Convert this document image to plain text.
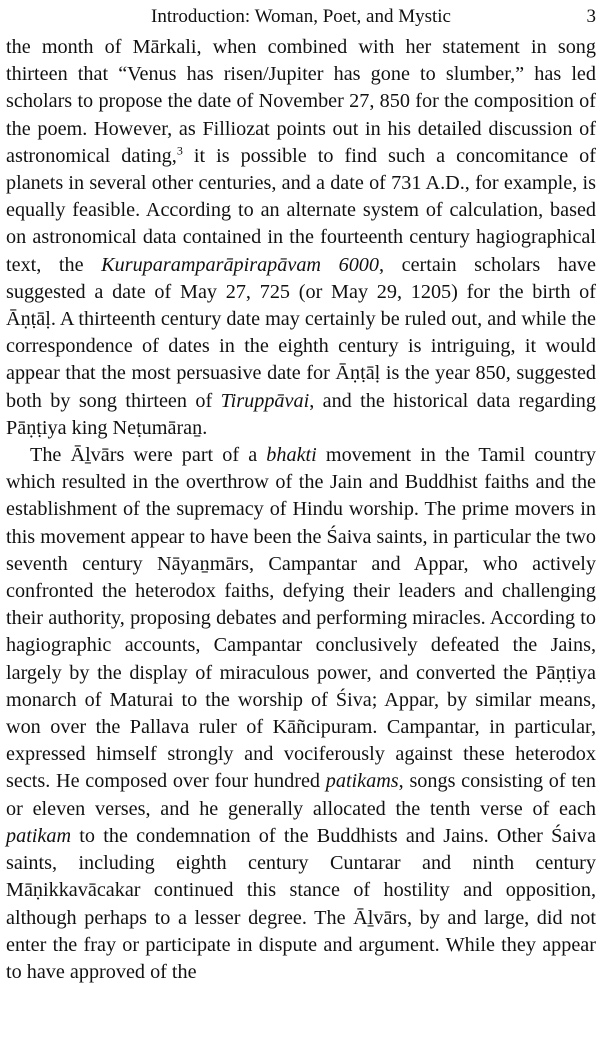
Introduction: Woman, Poet, and Mystic	3

the month of Mārkali, when combined with her statement in song thirteen that “Venus has risen/Jupiter has gone to slumber,” has led scholars to propose the date of November 27, 850 for the composition of the poem. However, as Filliozat points out in his detailed discussion of astronomical dating,$^3$ it is possible to find such a concomitance of planets in several other centuries, and a date of 731 A.D., for example, is equally feasible. According to an alternate system of calculation, based on astronomical data contained in the fourteenth century hagiographical text, the Kuruparamparāpirapāvam 6000, certain scholars have suggested a date of May 27, 725 (or May 29, 1205) for the birth of Āṇṭāḷ. A thirteenth century date may certainly be ruled out, and while the correspondence of dates in the eighth century is intriguing, it would appear that the most persuasive date for Āṇṭāḷ is the year 850, suggested both by song thirteen of Tiruppāvai, and the historical data regarding Pāṇṭiya king Neṭumāraṉ.

The Āḻvārs were part of a bhakti movement in the Tamil country which resulted in the overthrow of the Jain and Buddhist faiths and the establishment of the supremacy of Hindu worship. The prime movers in this movement appear to have been the Śaiva saints, in particular the two seventh century Nāyaṉmārs, Campantar and Appar, who actively confronted the heterodox faiths, defying their leaders and challenging their authority, proposing debates and performing miracles. According to hagiographic accounts, Campantar conclusively defeated the Jains, largely by the display of miraculous power, and converted the Pāṇṭiya monarch of Maturai to the worship of Śiva; Appar, by similar means, won over the Pallava ruler of Kāñcipuram. Campantar, in particular, expressed himself strongly and vociferously against these heterodox sects. He composed over four hundred patikams, songs consisting of ten or eleven verses, and he generally allocated the tenth verse of each patikam to the condemnation of the Buddhists and Jains. Other Śaiva saints, including eighth century Cuntarar and ninth century Māṇikkavācakar continued this stance of hostility and opposition, although perhaps to a lesser degree. The Āḻvārs, by and large, did not enter the fray or participate in dispute and argument. While they appear to have approved of the
